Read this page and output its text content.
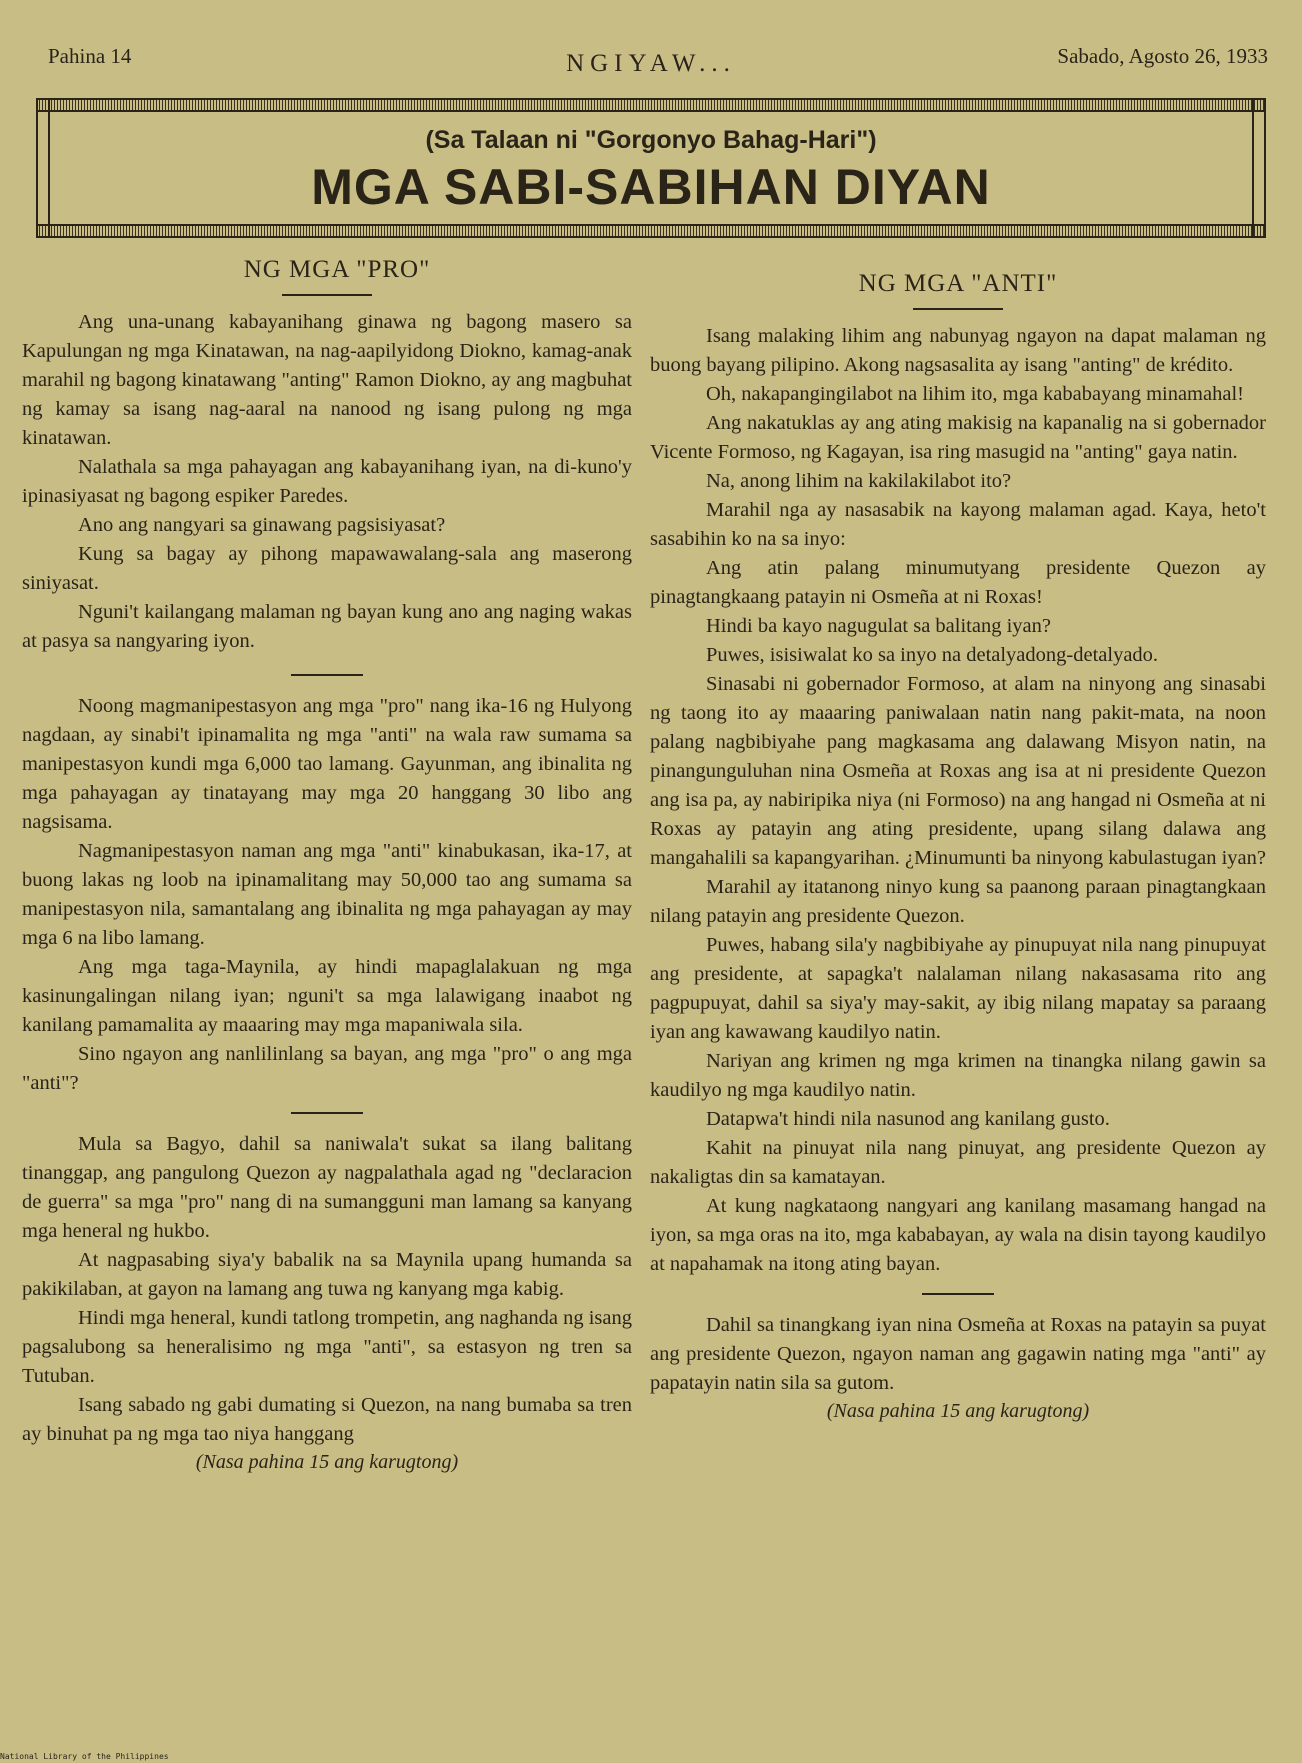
Pahina 14	NGIYAW...	Sabado, Agosto 26, 1933
(Sa Talaan ni "Gorgonyo Bahag-Hari")
MGA SABI-SABIHAN DIYAN
NG MGA "PRO"

Ang una-unang kabayanihang ginawa ng bagong masero sa Kapulungan ng mga Kinatawan, na nag-aapilyidong Diokno, kamag-anak marahil ng bagong kinatawang "anting" Ramon Diokno, ay ang magbuhat ng kamay sa isang nag-aaral na nanood ng isang pulong ng mga kinatawan.

Nalathala sa mga pahayagan ang kabayanihang iyan, na di-kuno'y ipinasiyasat ng bagong espiker Paredes.

Ano ang nangyari sa ginawang pagsisiyasat?

Kung sa bagay ay pihong mapawawalang-sala ang maserong siniyasat.

Nguni't kailangang malaman ng bayan kung ano ang naging wakas at pasya sa nangyaring iyon.

Noong magmanipestasyon ang mga "pro" nang ika-16 ng Hulyong nagdaan, ay sinabi't ipinamalita ng mga "anti" na wala raw sumama sa manipestasyon kundi mga 6,000 tao lamang. Gayunman, ang ibinalita ng mga pahayagan ay tinatayang may mga 20 hanggang 30 libo ang nagsisama.

Nagmanipestasyon naman ang mga "anti" kinabukasan, ika-17, at buong lakas ng loob na ipinamalitang may 50,000 tao ang sumama sa manipestasyon nila, samantalang ang ibinalita ng mga pahayagan ay may mga 6 na libo lamang.

Ang mga taga-Maynila, ay hindi mapaglalakuan ng mga kasinungalingan nilang iyan; nguni't sa mga lalawigang inaabot ng kanilang pamamalita ay maaaring may mga mapaniwala sila.

Sino ngayon ang nanlilinlang sa bayan, ang mga "pro" o ang mga "anti"?

Mula sa Bagyo, dahil sa naniwala't sukat sa ilang balitang tinanggap, ang pangulong Quezon ay nagpalathala agad ng "declaracion de guerra" sa mga "pro" nang di na sumangguni man lamang sa kanyang mga heneral ng hukbo.

At nagpasabing siya'y babalik na sa Maynila upang humanda sa pakikilaban, at gayon na lamang ang tuwa ng kanyang mga kabig.

Hindi mga heneral, kundi tatlong trompetin, ang naghanda ng isang pagsalubong sa heneralisimo ng mga "anti", sa estasyon ng tren sa Tutuban.

Isang sabado ng gabi dumating si Quezon, na nang bumaba sa tren ay binuhat pa ng mga tao niya hanggang

(Nasa pahina 15 ang karugtong)
NG MGA "ANTI"

Isang malaking lihim ang nabunyag ngayon na dapat malaman ng buong bayang pilipino. Akong nagsasalita ay isang "anting" de krédito.

Oh, nakapangingilabot na lihim ito, mga kababayang minamahal!

Ang nakatuklas ay ang ating makisig na kapanalig na si gobernador Vicente Formoso, ng Kagayan, isa ring masugid na "anting" gaya natin.

Na, anong lihim na kakilakilabot ito?

Marahil nga ay nasasabik na kayong malaman agad. Kaya, heto't sasabihin ko na sa inyo:

Ang atin palang minumutyang presidente Quezon ay pinagtangkaang patayin ni Osmeña at ni Roxas!

Hindi ba kayo nagugulat sa balitang iyan?

Puwes, isisiwalat ko sa inyo na detalyadong-detalyado.

Sinasabi ni gobernador Formoso, at alam na ninyong ang sinasabi ng taong ito ay maaaring paniwalaan natin nang pakit-mata, na noon palang nagbibiyahe pang magkasama ang dalawang Misyon natin, na pinangunguluhan nina Osmeña at Roxas ang isa at ni presidente Quezon ang isa pa, ay nabiripika niya (ni Formoso) na ang hangad ni Osmeña at ni Roxas ay patayin ang ating presidente, upang silang dalawa ang mangahalili sa kapangyarihan. ¿Minumunti ba ninyong kabulastugan iyan?

Marahil ay itatanong ninyo kung sa paanong paraan pinagtangkaan nilang patayin ang presidente Quezon.

Puwes, habang sila'y nagbibiyahe ay pinupuyat nila nang pinupuyat ang presidente, at sapagka't nalalaman nilang nakasasama rito ang pagpupuyat, dahil sa siya'y may-sakit, ay ibig nilang mapatay sa paraang iyan ang kawawang kaudilyo natin.

Nariyan ang krimen ng mga krimen na tinangka nilang gawin sa kaudilyo ng mga kaudilyo natin.

Datapwa't hindi nila nasunod ang kanilang gusto.

Kahit na pinuyat nila nang pinuyat, ang presidente Quezon ay nakaligtas din sa kamatayan.

At kung nagkataong nangyari ang kanilang masamang hangad na iyon, sa mga oras na ito, mga kababayan, ay wala na disin tayong kaudilyo at napahamak na itong ating bayan.

Dahil sa tinangkang iyan nina Osmeña at Roxas na patayin sa puyat ang presidente Quezon, ngayon naman ang gagawin nating mga "anti" ay papatayin natin sila sa gutom.

(Nasa pahina 15 ang karugtong)
National Library of the Philippines
